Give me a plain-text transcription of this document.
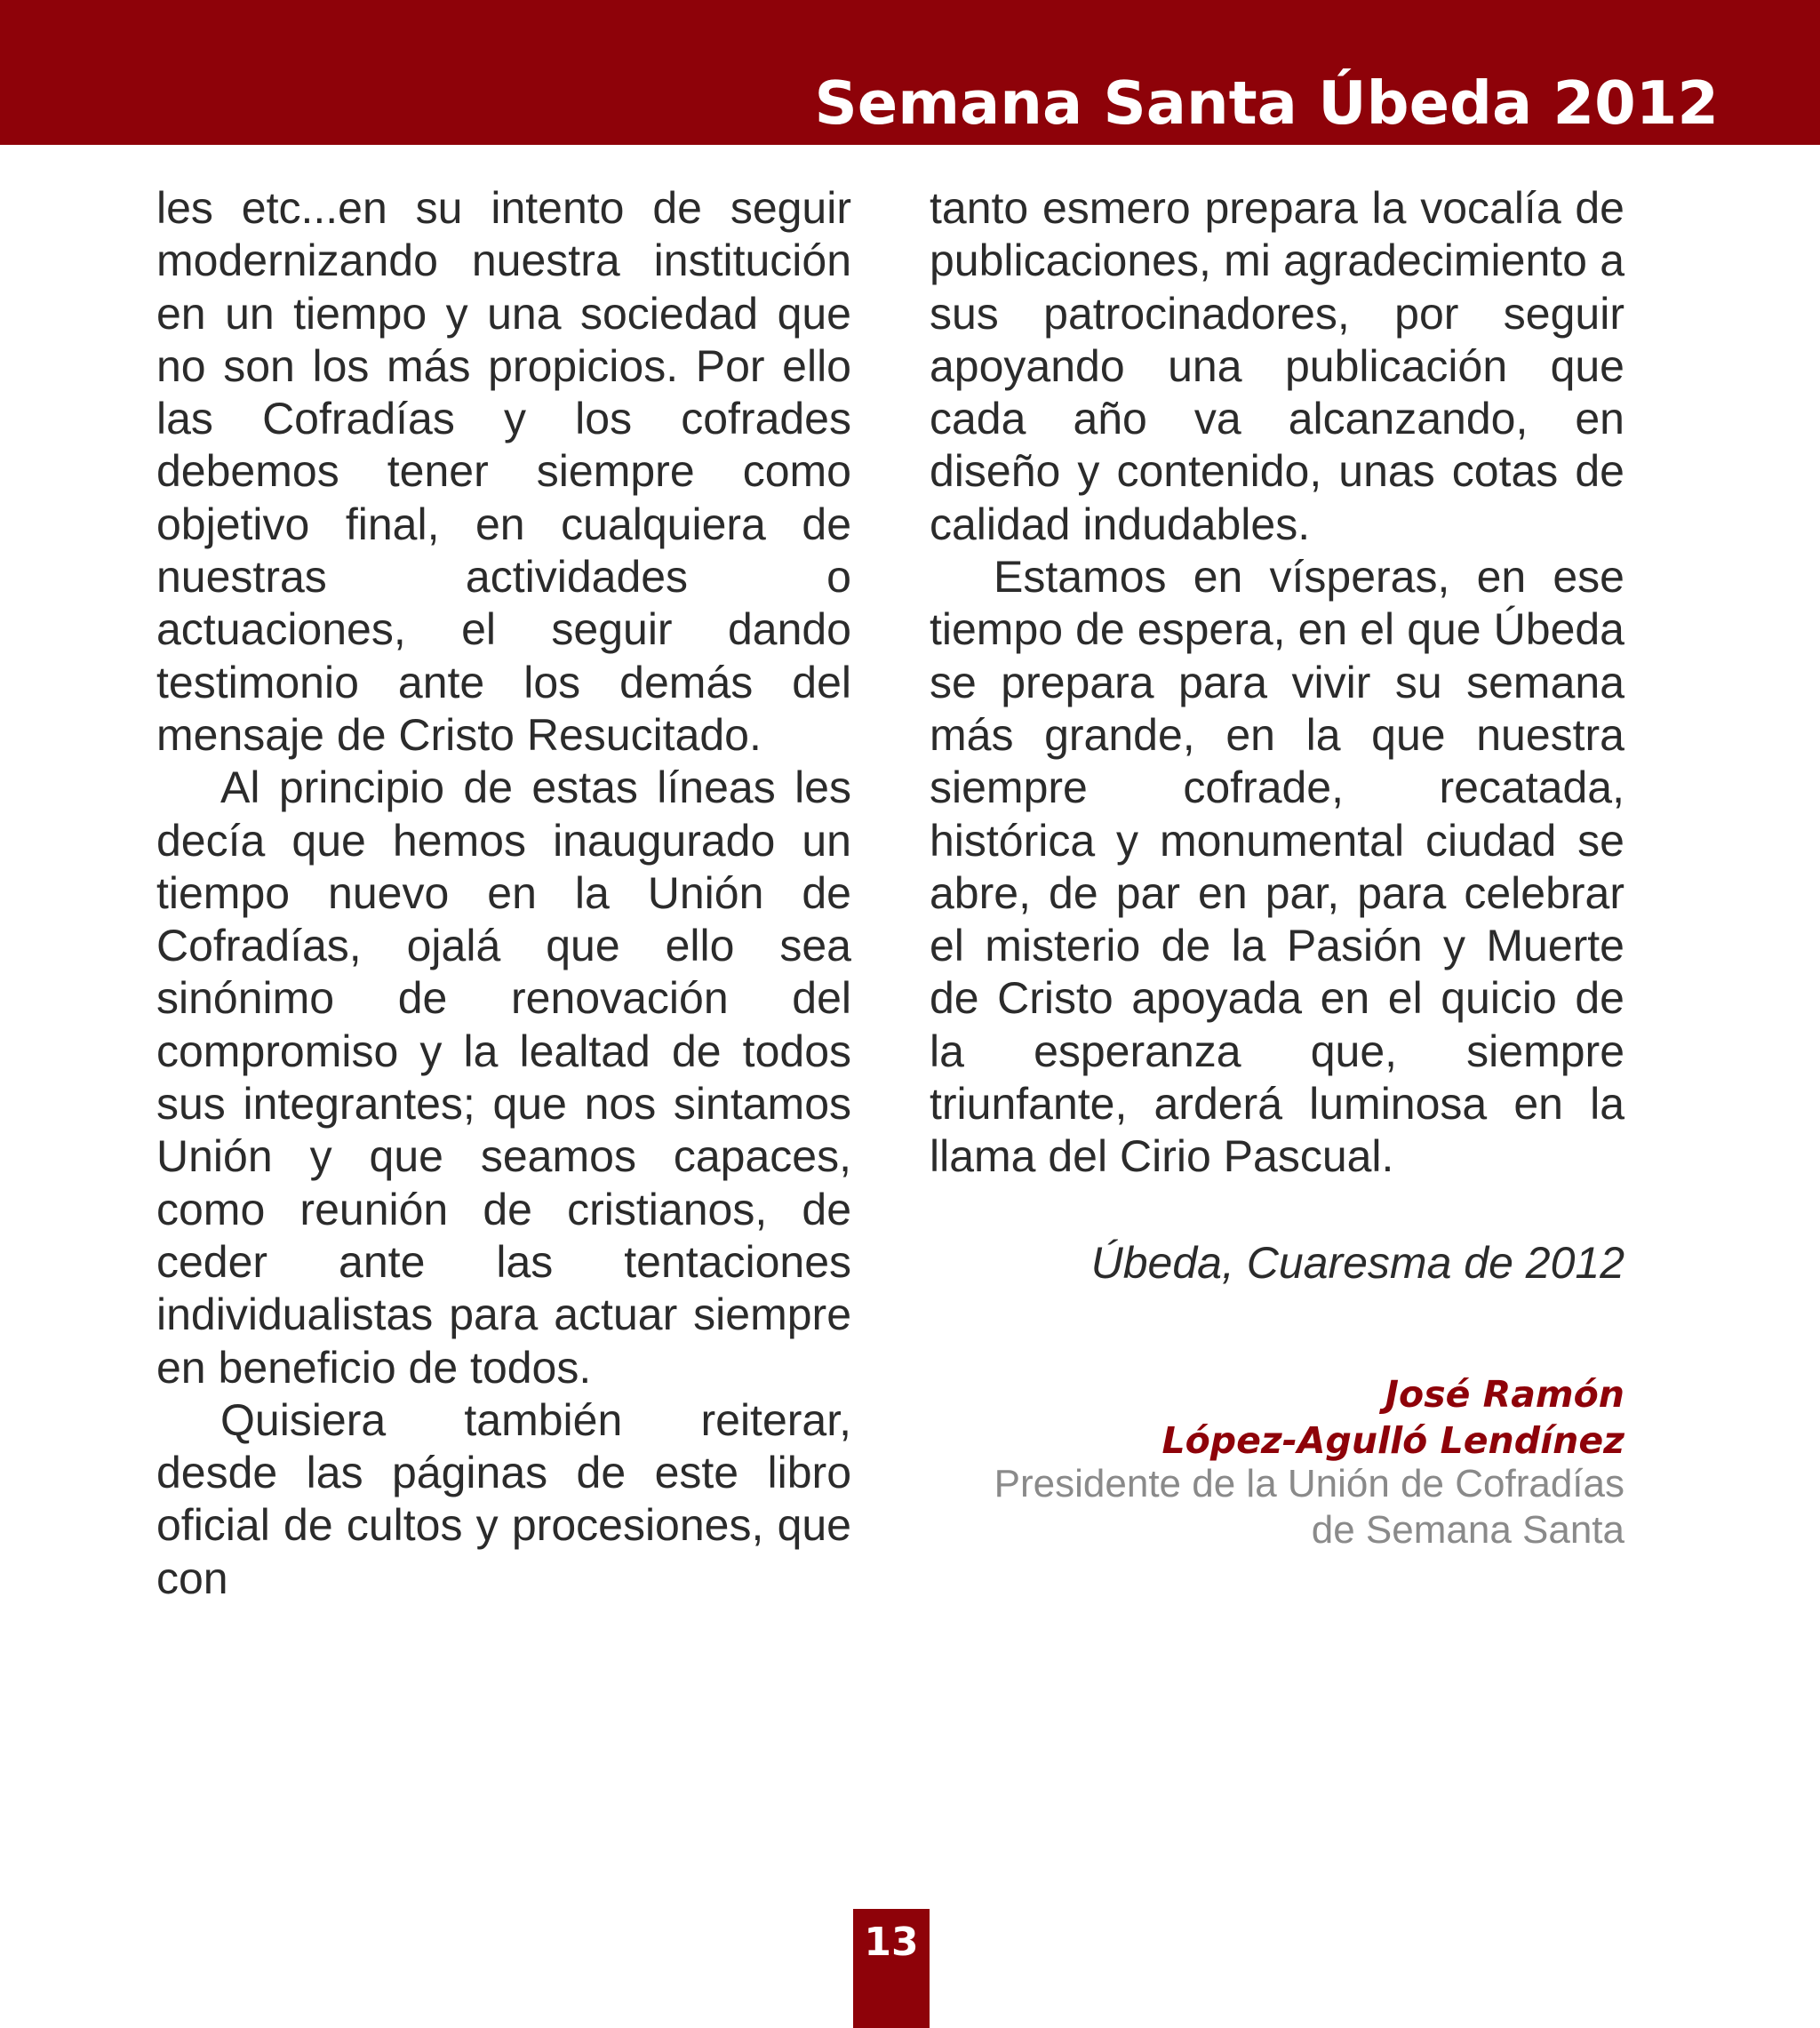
Semana Santa Úbeda 2012

les etc...en su intento de seguir modernizando nuestra institución en un tiempo y una sociedad que no son los más propicios. Por ello las Cofradías y los cofrades debemos tener siempre como objetivo final, en cualquiera de nuestras actividades o actuaciones, el seguir dando testimonio ante los demás del mensaje de Cristo Resucitado.

Al principio de estas líneas les decía que hemos inaugurado un tiempo nuevo en la Unión de Cofradías, ojalá que ello sea sinónimo de renovación del compromiso y la lealtad de todos sus integrantes; que nos sintamos Unión y que seamos capaces, como reunión de cristianos, de ceder ante las tentaciones individualistas para actuar siempre en beneficio de todos.

Quisiera también reiterar, desde las páginas de este libro oficial de cultos y procesiones, que con

tanto esmero prepara la vocalía de publicaciones, mi agradecimiento a sus patrocinadores, por seguir apoyando una publicación que cada año va alcanzando, en diseño y contenido, unas cotas de calidad indudables.

Estamos en vísperas, en ese tiempo de espera, en el que Úbeda se prepara para vivir su semana más grande, en la que nuestra siempre cofrade, recatada, histórica y monumental ciudad se abre, de par en par, para celebrar el misterio de la Pasión y Muerte de Cristo apoyada en el quicio de la esperanza que, siempre triunfante, arderá luminosa en la llama del Cirio Pascual.

Úbeda, Cuaresma de 2012
José Ramón
López-Agulló Lendínez
Presidente de la Unión de Cofradías
de Semana Santa
13
